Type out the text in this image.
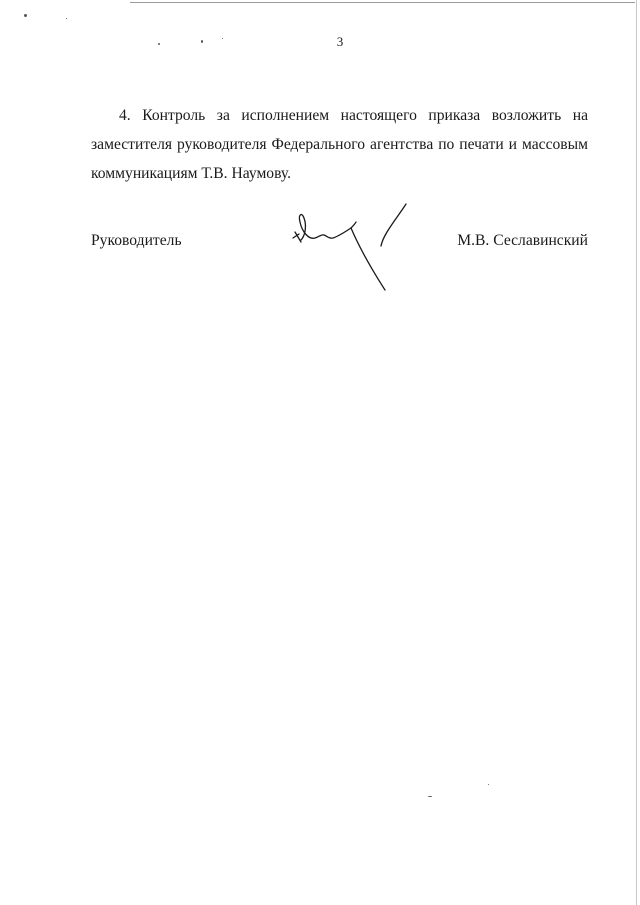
3

4. Контроль за исполнением настоящего приказа возложить на заместителя руководителя Федерального агентства по печати и массовым коммуникациям Т.В. Наумову.

Руководитель	М.В. Сеславинский
